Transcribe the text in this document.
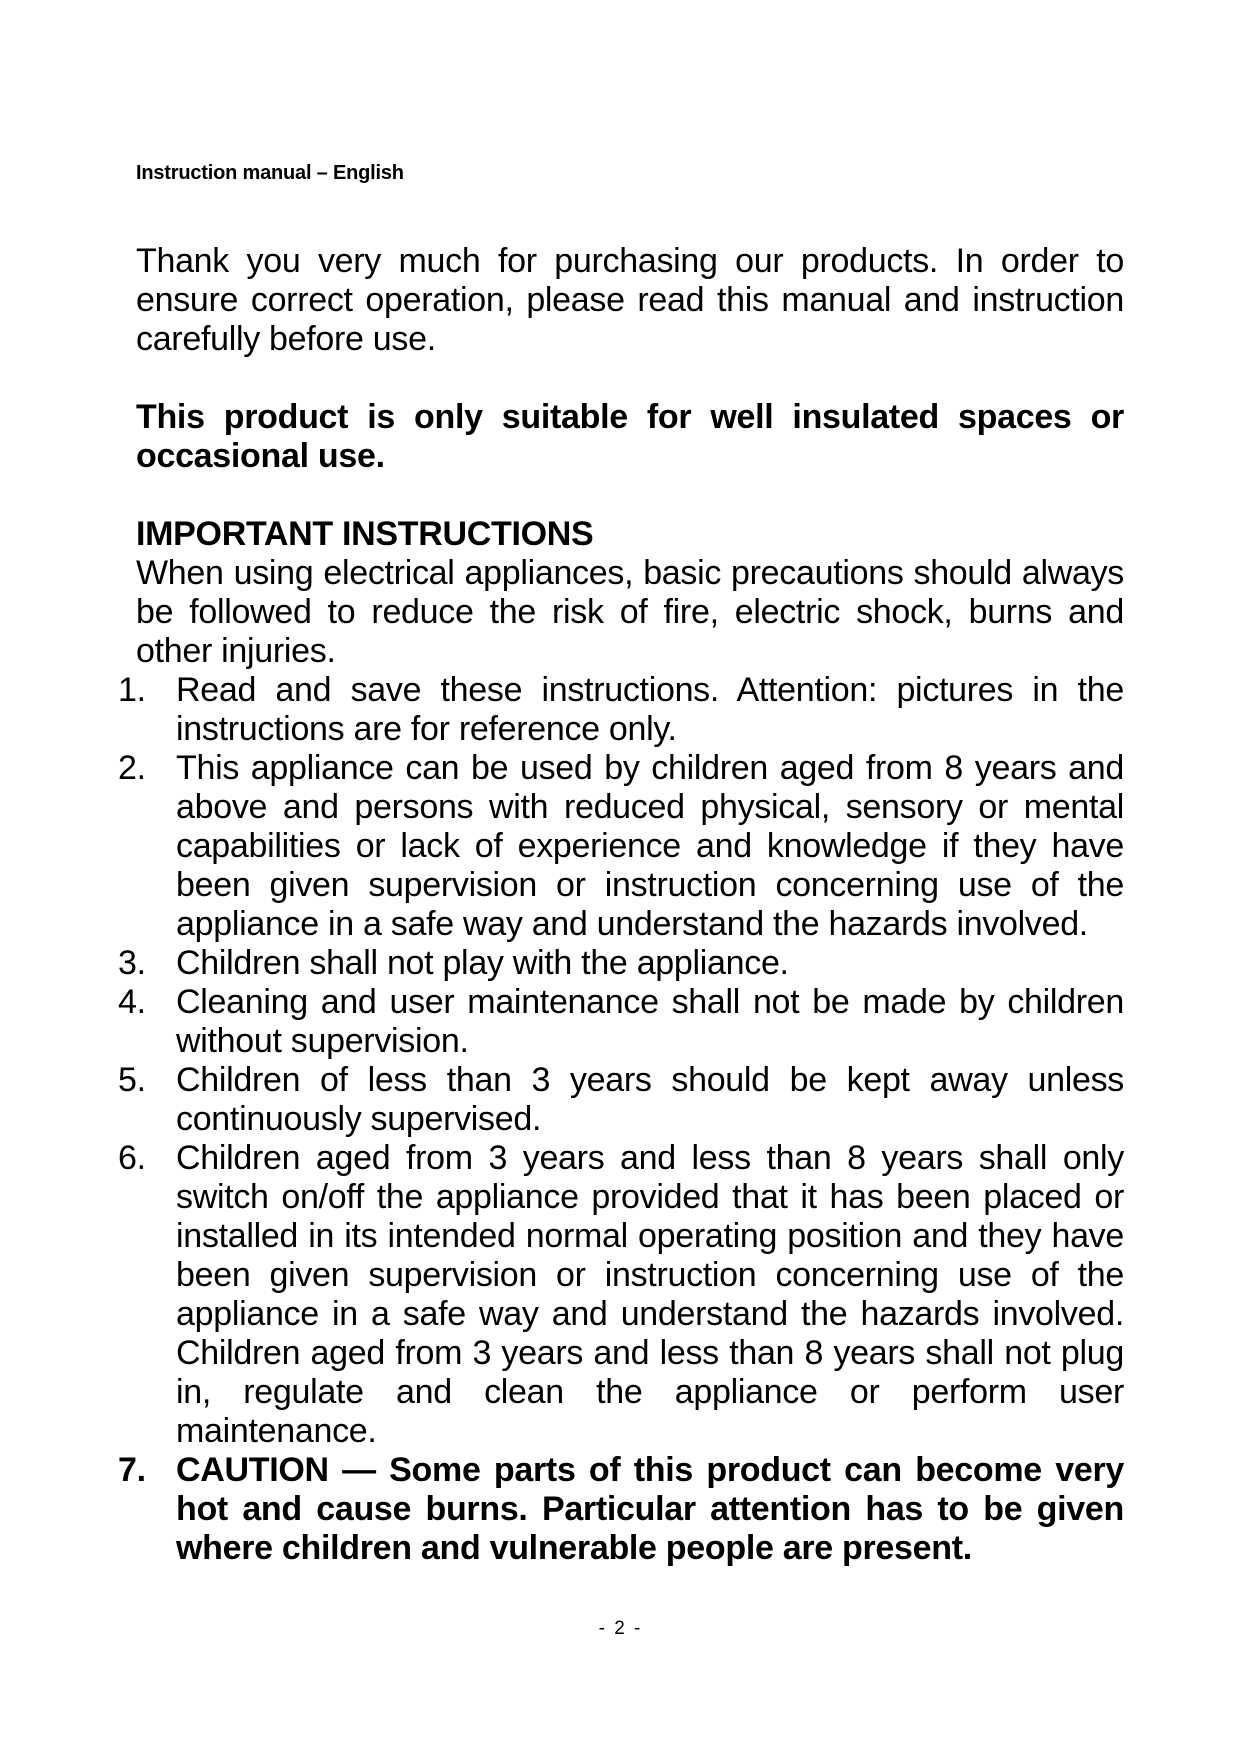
Instruction manual – English
Thank you very much for purchasing our products. In order to ensure correct operation, please read this manual and instruction carefully before use.
This product is only suitable for well insulated spaces or occasional use.
IMPORTANT INSTRUCTIONS
When using electrical appliances, basic precautions should always be followed to reduce the risk of fire, electric shock, burns and other injuries.
1. Read and save these instructions. Attention: pictures in the instructions are for reference only.
2. This appliance can be used by children aged from 8 years and above and persons with reduced physical, sensory or mental capabilities or lack of experience and knowledge if they have been given supervision or instruction concerning use of the appliance in a safe way and understand the hazards involved.
3. Children shall not play with the appliance.
4. Cleaning and user maintenance shall not be made by children without supervision.
5. Children of less than 3 years should be kept away unless continuously supervised.
6. Children aged from 3 years and less than 8 years shall only switch on/off the appliance provided that it has been placed or installed in its intended normal operating position and they have been given supervision or instruction concerning use of the appliance in a safe way and understand the hazards involved. Children aged from 3 years and less than 8 years shall not plug in, regulate and clean the appliance or perform user maintenance.
7. CAUTION — Some parts of this product can become very hot and cause burns. Particular attention has to be given where children and vulnerable people are present.
- 2 -
